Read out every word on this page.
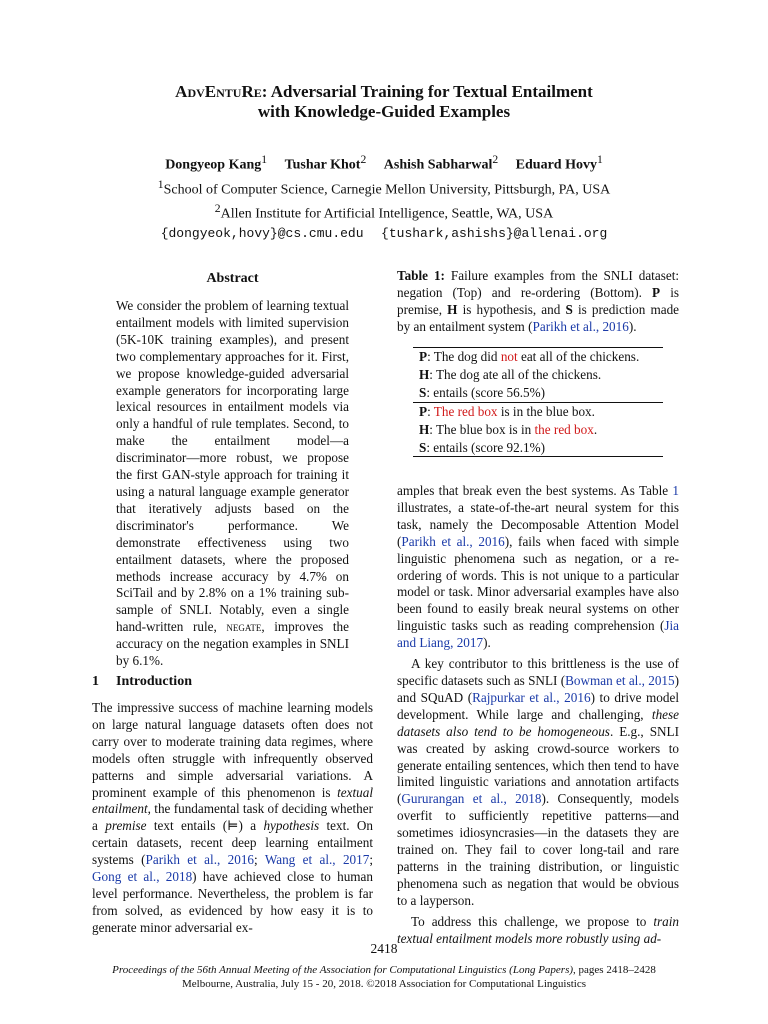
AdvEntuRe: Adversarial Training for Textual Entailment
with Knowledge-Guided Examples
Dongyeop Kang$^1$ Tushar Khot$^2$ Ashish Sabharwal$^2$ Eduard Hovy$^1$
$^1$School of Computer Science, Carnegie Mellon University, Pittsburgh, PA, USA
$^2$Allen Institute for Artificial Intelligence, Seattle, WA, USA
{dongyeok,hovy}@cs.cmu.edu {tushark,ashishs}@allenai.org
Abstract
We consider the problem of learning textual entailment models with limited supervision (5K-10K training examples), and present two complementary approaches for it. First, we propose knowledge-guided adversarial example generators for incorporating large lexical resources in entailment models via only a handful of rule templates. Second, to make the entailment model—a discriminator—more robust, we propose the first GAN-style approach for training it using a natural language example generator that iteratively adjusts based on the discriminator's performance. We demonstrate effectiveness using two entailment datasets, where the proposed methods increase accuracy by 4.7% on SciTail and by 2.8% on a 1% training sub-sample of SNLI. Notably, even a single hand-written rule, negate, improves the accuracy on the negation examples in SNLI by 6.1%.
1 Introduction
The impressive success of machine learning models on large natural language datasets often does not carry over to moderate training data regimes, where models often struggle with infrequently observed patterns and simple adversarial variations. A prominent example of this phenomenon is textual entailment, the fundamental task of deciding whether a premise text entails (⊨) a hypothesis text. On certain datasets, recent deep learning entailment systems (Parikh et al., 2016; Wang et al., 2017; Gong et al., 2018) have achieved close to human level performance. Nevertheless, the problem is far from solved, as evidenced by how easy it is to generate minor adversarial ex-
Table 1: Failure examples from the SNLI dataset: negation (Top) and re-ordering (Bottom). P is premise, H is hypothesis, and S is prediction made by an entailment system (Parikh et al., 2016).
P: The dog did not eat all of the chickens.
H: The dog ate all of the chickens.
S: entails (score 56.5%)
P: The red box is in the blue box.
H: The blue box is in the red box.
S: entails (score 92.1%)

amples that break even the best systems. As Table 1 illustrates, a state-of-the-art neural system for this task, namely the Decomposable Attention Model (Parikh et al., 2016), fails when faced with simple linguistic phenomena such as negation, or a re-ordering of words. This is not unique to a particular model or task. Minor adversarial examples have also been found to easily break neural systems on other linguistic tasks such as reading comprehension (Jia and Liang, 2017).

A key contributor to this brittleness is the use of specific datasets such as SNLI (Bowman et al., 2015) and SQuAD (Rajpurkar et al., 2016) to drive model development. While large and challenging, these datasets also tend to be homogeneous. E.g., SNLI was created by asking crowd-source workers to generate entailing sentences, which then tend to have limited linguistic variations and annotation artifacts (Gururangan et al., 2018). Consequently, models overfit to sufficiently repetitive patterns—and sometimes idiosyncrasies—in the datasets they are trained on. They fail to cover long-tail and rare patterns in the training distribution, or linguistic phenomena such as negation that would be obvious to a layperson.

To address this challenge, we propose to train textual entailment models more robustly using ad-

2418
Proceedings of the 56th Annual Meeting of the Association for Computational Linguistics (Long Papers), pages 2418–2428
Melbourne, Australia, July 15 - 20, 2018. ©2018 Association for Computational Linguistics
